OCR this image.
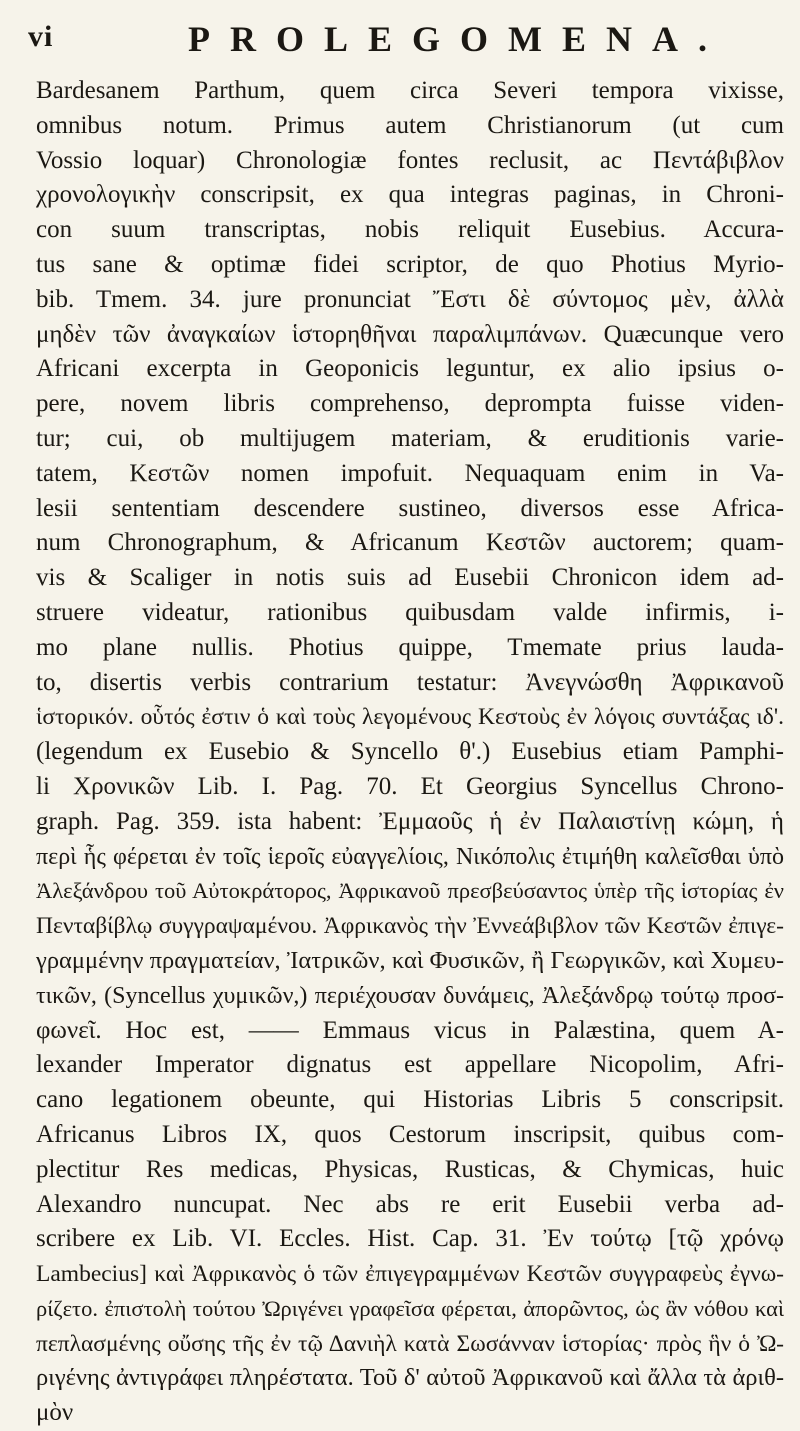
vi	PROLEGOMENA.
Bardesanem Parthum, quem circa Severi tempora vixisse,
omnibus notum. Primus autem Christianorum (ut cum
Vossio loquar) Chronologiæ fontes reclusit, ac Πεντάβιβλον
χρονολογικὴν conscripsit, ex qua integras paginas, in Chroni-
con suum transcriptas, nobis reliquit Eusebius. Accura-
tus sane & optimæ fidei scriptor, de quo Photius Myrio-
bib. Tmem. 34. jure pronunciat Ἔστι δὲ σύντομος μὲν, ἀλλὰ
μηδὲν τῶν ἀναγκαίων ἱστορηθῆναι παραλιμπάνων. Quæcunque vero
Africani excerpta in Geoponicis leguntur, ex alio ipsius o-
pere, novem libris comprehenso, deprompta fuisse viden-
tur; cui, ob multijugem materiam, & eruditionis varie-
tatem, Κεστῶν nomen impofuit. Nequaquam enim in Va-
lesii sententiam descendere sustineo, diversos esse Africa-
num Chronographum, & Africanum Κεστῶν auctorem; quam-
vis & Scaliger in notis suis ad Eusebii Chronicon idem ad-
struere videatur, rationibus quibusdam valde infirmis, i-
mo plane nullis. Photius quippe, Tmemate prius lauda-
to, disertis verbis contrarium testatur: Ἀνεγνώσθη Ἀφρικανοῦ
ἱστορικόν. οὗτός ἐστιν ὁ καὶ τοὺς λεγομένους Κεστοὺς ἐν λόγοις συντάξας ιδ'.
(legendum ex Eusebio & Syncello θ'.) Eusebius etiam Pamphi-
li Χρονικῶν Lib. I. Pag. 70. Et Georgius Syncellus Chrono-
graph. Pag. 359. ista habent: Ἐμμαοῦς ἡ ἐν Παλαιστίνῃ κώμη, ἡ
περὶ ἧς φέρεται ἐν τοῖς ἱεροῖς εὐαγγελίοις, Νικόπολις ἐτιμήθη καλεῖσθαι ὑπὸ
Ἀλεξάνδρου τοῦ Αὐτοκράτορος, Ἀφρικανοῦ πρεσβεύσαντος ὑπὲρ τῆς ἱστορίας ἐν
Πενταβίβλῳ συγγραψαμένου. Ἀφρικανὸς τὴν Ἐννεάβιβλον τῶν Κεστῶν ἐπιγε-
γραμμένην πραγματείαν, Ἰατρικῶν, καὶ Φυσικῶν, ἢ Γεωργικῶν, καὶ Χυμευ-
τικῶν, (Syncellus χυμικῶν,) περιέχουσαν δυνάμεις, Ἀλεξάνδρῳ τούτῳ προσ-
φωνεῖ. Hoc est, —— Emmaus vicus in Palæstina, quem A-
lexander Imperator dignatus est appellare Nicopolim, Afri-
cano legationem obeunte, qui Historias Libris 5 conscripsit.
Africanus Libros IX, quos Cestorum inscripsit, quibus com-
plectitur Res medicas, Physicas, Rusticas, & Chymicas, huic
Alexandro nuncupat. Nec abs re erit Eusebii verba ad-
scribere ex Lib. VI. Eccles. Hist. Cap. 31. Ἐν τούτῳ [τῷ χρόνῳ
Lambecius] καὶ Ἀφρικανὸς ὁ τῶν ἐπιγεγραμμένων Κεστῶν συγγραφεὺς ἐγνω-
ρίζετο. ἐπιστολὴ τούτου Ὠριγένει γραφεῖσα φέρεται, ἀπορῶντος, ὡς ἂν νόθου καὶ
πεπλασμένης οὔσης τῆς ἐν τῷ Δανιὴλ κατὰ Σωσάνναν ἱστορίας· πρὸς ἣν ὁ Ὠ-
ριγένης ἀντιγράφει πληρέστατα. Τοῦ δ' αὐτοῦ Ἀφρικανοῦ καὶ ἄλλα τὰ ἀριθ-
μὸν
